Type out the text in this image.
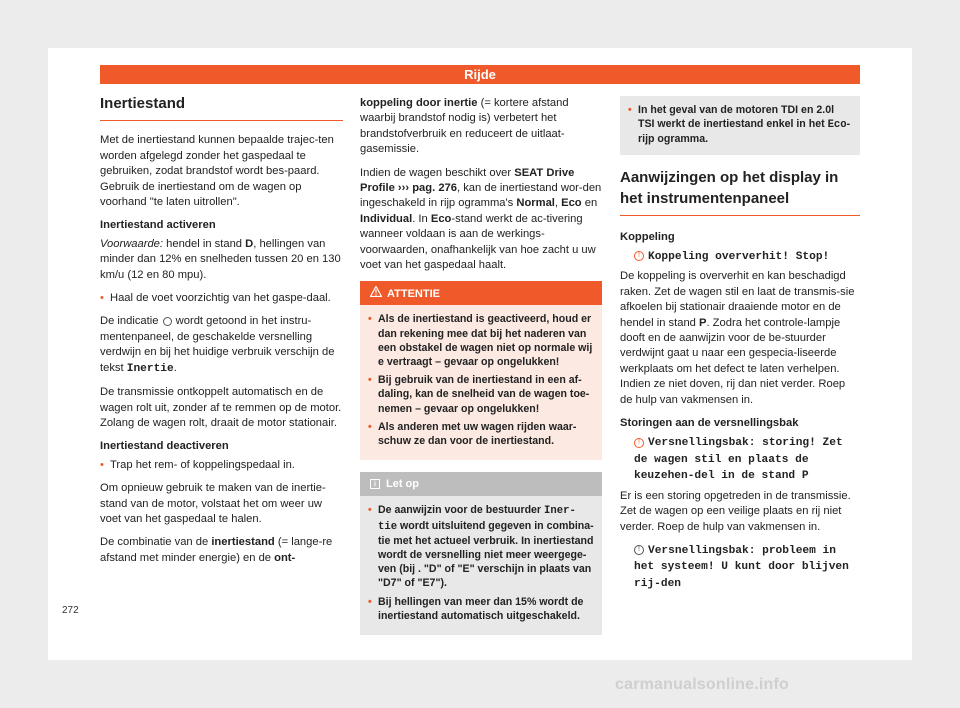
Rijde
Inertiestand

Met de inertiestand kunnen bepaalde trajec-ten worden afgelegd zonder het gaspedaal te gebruiken, zodat brandstof wordt bes-paard. Gebruik de inertiestand om de wagen op voorhand "te laten uitrollen".

Inertiestand activeren

Voorwaarde: hendel in stand D, hellingen van minder dan 12% en snelheden tussen 20 en 130 km/u (12 en 80 mpu).

• Haal de voet voorzichtig van het gaspe-daal.

De indicatie  wordt getoond in het instru-mentenpaneel, de geschakelde versnelling verdwijn en bij het huidige verbruik verschijn de tekst Inertie.

De transmissie ontkoppelt automatisch en de wagen rolt uit, zonder af te remmen op de motor. Zolang de wagen rolt, draait de motor stationair.

Inertiestand deactiveren

• Trap het rem- of koppelingspedaal in.

Om opnieuw gebruik te maken van de inertie-stand van de motor, volstaat het om weer uw voet van het gaspedaal te halen.

De combinatie van de inertiestand (= lange-re afstand met minder energie) en de ont-

koppeling door inertie (= kortere afstand waarbij brandstof nodig is) verbetert het brandstofverbruik en reduceert de uitlaat-gasemissie.

Indien de wagen beschikt over SEAT Drive Profile ››› pag. 276, kan de inertiestand wor-den ingeschakeld in rijp ogramma's Normal, Eco en Individual. In Eco-stand werkt de ac-tivering wanneer voldaan is aan de werkings-voorwaarden, onafhankelijk van hoe zacht u uw voet van het gaspedaal haalt.

ATTENTIE

• Als de inertiestand is geactiveerd, houd er dan rekening mee dat bij het naderen van een obstakel de wagen niet op normale wij e vertraagt – gevaar op ongelukken!

• Bij gebruik van de inertiestand in een af-daling, kan de snelheid van de wagen toe-nemen – gevaar op ongelukken!

• Als anderen met uw wagen rijden waar-schuw ze dan voor de inertiestand.

i Let op

• De aanwijzin voor de bestuurder Iner-tie wordt uitsluitend gegeven in combina-tie met het actueel verbruik. In inertiestand wordt de versnelling niet meer weergege-ven (bij . "D" of "E" verschijn in plaats van "D7" of "E7").

• Bij hellingen van meer dan 15% wordt de inertiestand automatisch uitgeschakeld.

• In het geval van de motoren TDI en 2.0l TSI werkt de inertiestand enkel in het Eco-rijp ogramma.

Aanwijzingen op het display in het instrumentenpaneel

Koppeling

! Koppeling oververhit! Stop!

De koppeling is oververhit en kan beschadigd raken. Zet de wagen stil en laat de transmis-sie afkoelen bij stationair draaiende motor en de hendel in stand P. Zodra het controle-lampje dooft en de aanwijzin voor de be-stuurder verdwijnt gaat u naar een gespecia-liseerde werkplaats om het defect te laten verhelpen. Indien ze niet doven, rij dan niet verder. Roep de hulp van vakmensen in.

Storingen aan de versnellingsbak

! Versnellingsbak: storing! Zet de wagen stil en plaats de keuzehen-del in de stand P

Er is een storing opgetreden in de transmissie. Zet de wagen op een veilige plaats en rij niet verder. Roep de hulp van vakmensen in.

! Versnellingsbak: probleem in het systeem! U kunt door blijven rij-den

272
carmanualsonline.info
